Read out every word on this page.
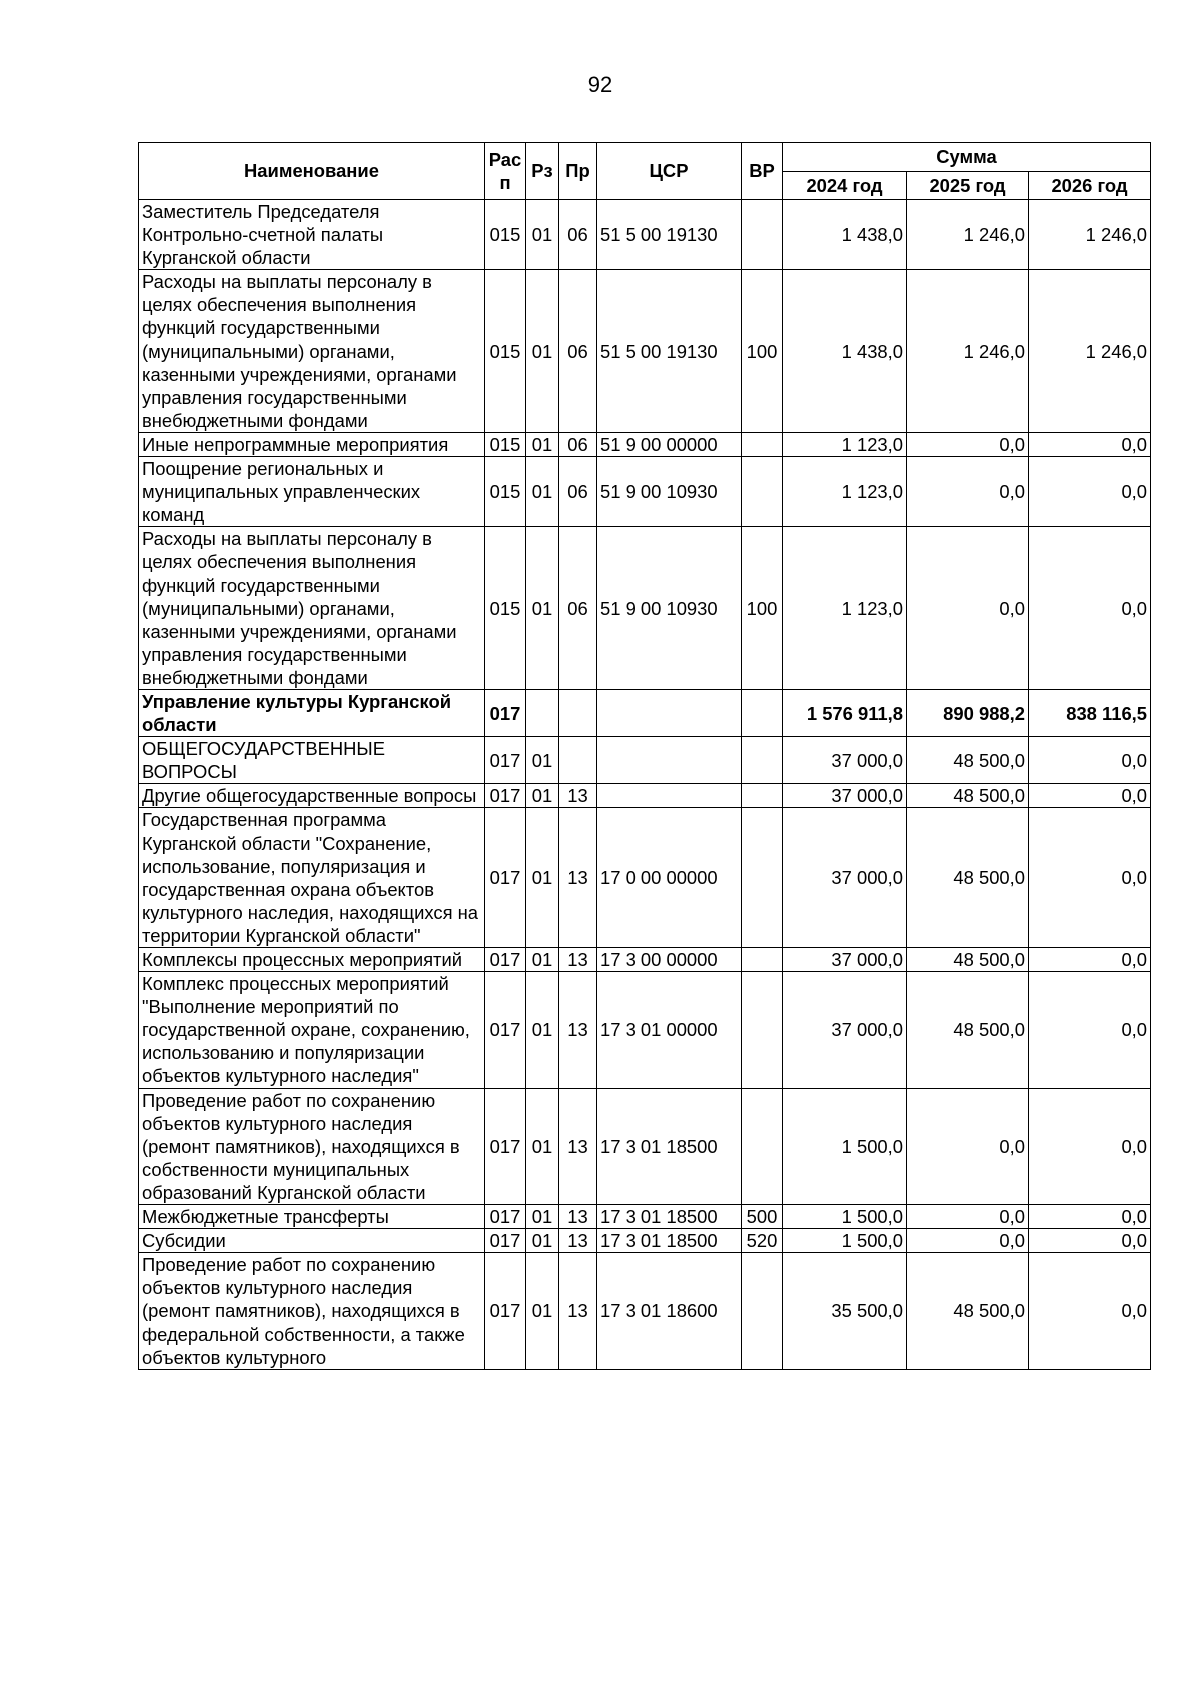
92
Наименование	Рас п	Рз	Пр	ЦСР	ВР	Сумма		
						2024 год	2025 год	2026 год
Заместитель Председателя Контрольно-счетной палаты Курганской области	015	01	06	51 5 00 19130		1 438,0	1 246,0	1 246,0
Расходы на выплаты персоналу в целях обеспечения выполнения функций государственными (муниципальными) органами, казенными учреждениями, органами управления государственными внебюджетными фондами	015	01	06	51 5 00 19130	100	1 438,0	1 246,0	1 246,0
Иные непрограммные мероприятия	015	01	06	51 9 00 00000		1 123,0	0,0	0,0
Поощрение региональных и муниципальных управленческих команд	015	01	06	51 9 00 10930		1 123,0	0,0	0,0
Расходы на выплаты персоналу в целях обеспечения выполнения функций государственными (муниципальными) органами, казенными учреждениями, органами управления государственными внебюджетными фондами	015	01	06	51 9 00 10930	100	1 123,0	0,0	0,0
Управление культуры Курганской области	017					1 576 911,8	890 988,2	838 116,5
ОБЩЕГОСУДАРСТВЕННЫЕ ВОПРОСЫ	017	01				37 000,0	48 500,0	0,0
Другие общегосударственные вопросы	017	01	13			37 000,0	48 500,0	0,0
Государственная программа Курганской области "Сохранение, использование, популяризация и государственная охрана объектов культурного наследия, находящихся на территории Курганской области"	017	01	13	17 0 00 00000		37 000,0	48 500,0	0,0
Комплексы процессных мероприятий	017	01	13	17 3 00 00000		37 000,0	48 500,0	0,0
Комплекс процессных мероприятий "Выполнение мероприятий по государственной охране, сохранению, использованию и популяризации объектов культурного наследия"	017	01	13	17 3 01 00000		37 000,0	48 500,0	0,0
Проведение работ по сохранению объектов культурного наследия (ремонт памятников), находящихся в собственности муниципальных образований Курганской области	017	01	13	17 3 01 18500		1 500,0	0,0	0,0
Межбюджетные трансферты	017	01	13	17 3 01 18500	500	1 500,0	0,0	0,0
Субсидии	017	01	13	17 3 01 18500	520	1 500,0	0,0	0,0
Проведение работ по сохранению объектов культурного наследия (ремонт памятников), находящихся в федеральной собственности, а также объектов культурного	017	01	13	17 3 01 18600		35 500,0	48 500,0	0,0
